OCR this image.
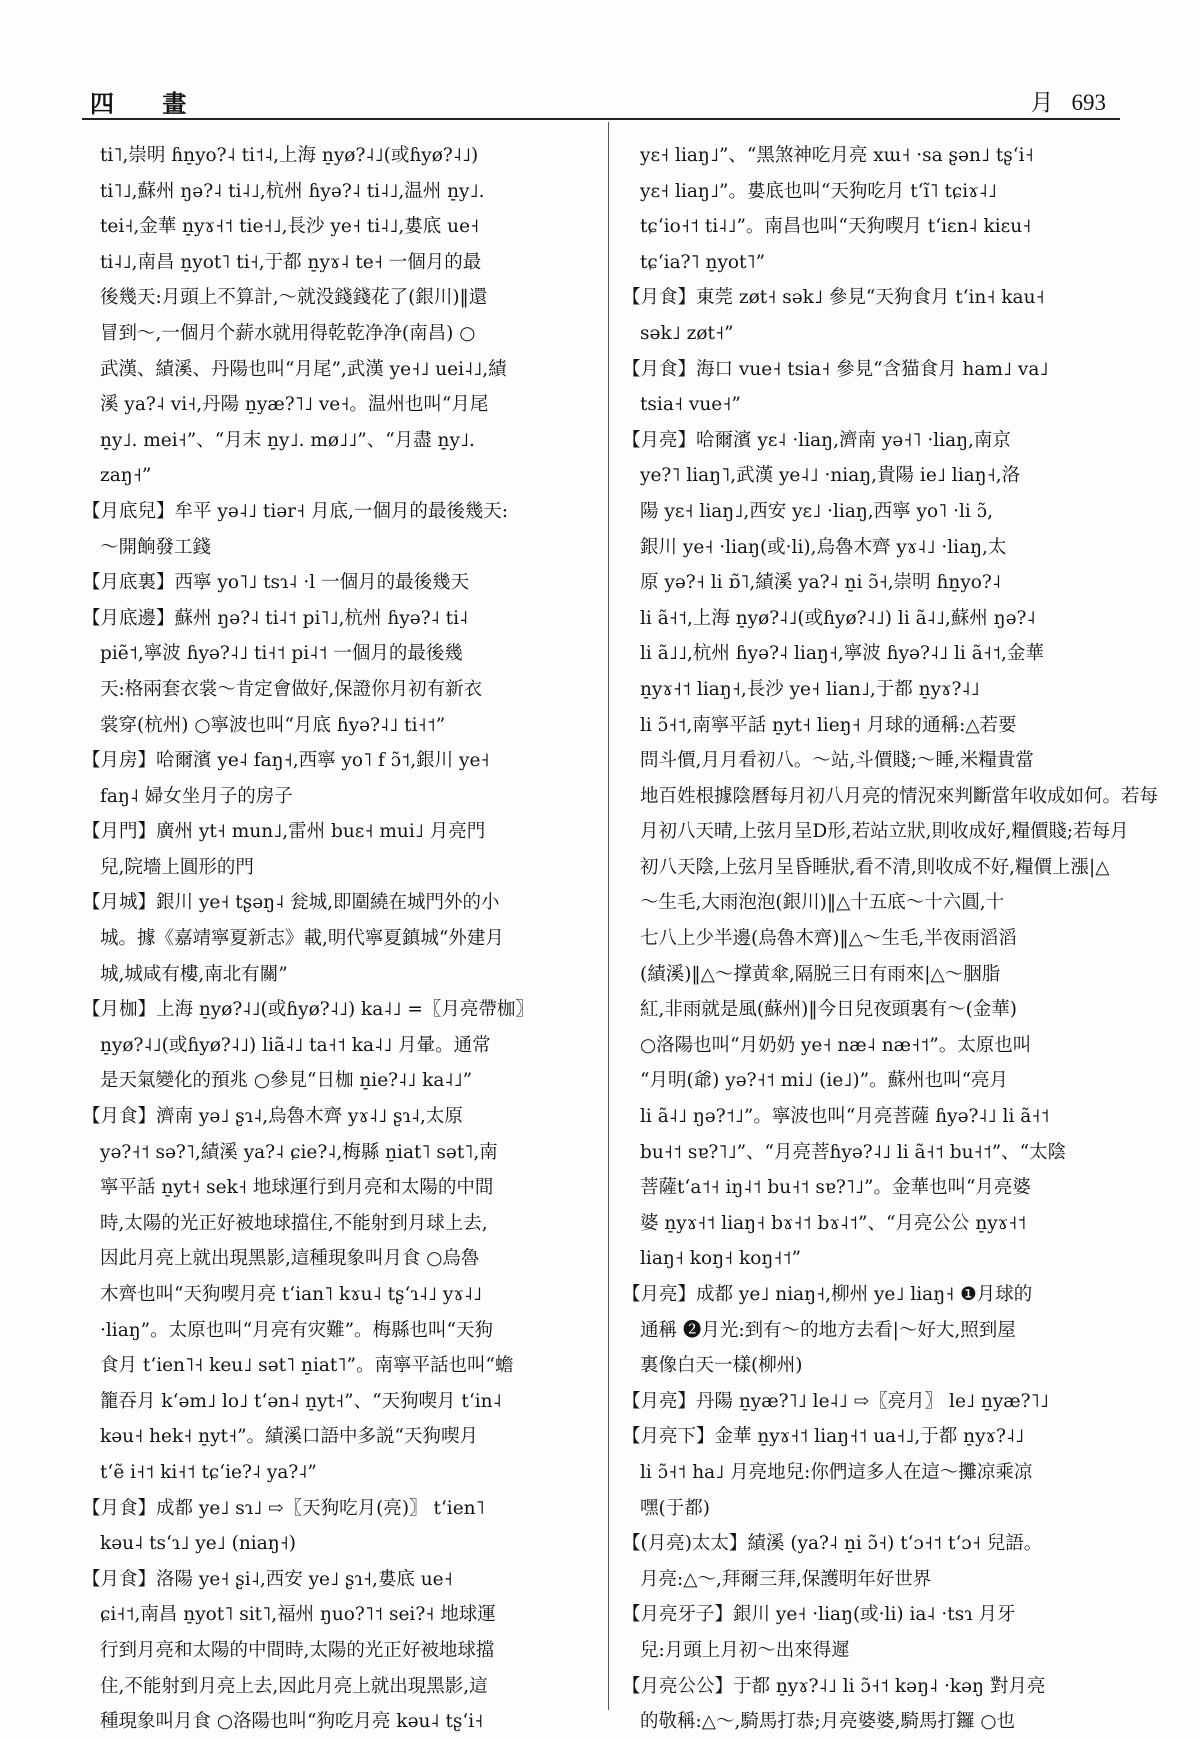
四 畫	月 693
ti˥,崇明 ɦn̠yo?˨ ti˦˨,上海 n̠yø?˨˩(或ɦyø?˨˩)
ti˥˩,蘇州 ŋə?˨ ti˨˩,杭州 ɦyə?˨ ti˨˩,温州 n̠y˩.
tei˧,金華 n̠yɤ˧˦ tie˧˩,長沙 ye˧ ti˨˩,婁底 ue˧
ti˨˩,南昌 n̠yot˥ ti˧,于都 n̠yɤ˨ te˧ 一個月的最
後幾天:月頭上不算計,～就没錢錢花了(銀川)‖還
冒到～,一個月个薪水就用得乾乾净净(南昌) ○
武漢、績溪、丹陽也叫“月尾”,武漢 ye˧˩ uei˨˩,績
溪 ya?˨ vi˧,丹陽 n̠yæ?˥˩ ve˧。温州也叫“月尾
n̠y˩. mei˧”、“月末 n̠y˩. mø˩˩”、“月盡 n̠y˩.
zaŋ˧”
【月底兒】牟平 yə˨˩ tiər˧ 月底,一個月的最後幾天:
～開餉發工錢
【月底裏】西寧 yo˥˩ tsɿ˨ ·l 一個月的最後幾天
【月底邊】蘇州 ŋə?˨ ti˨˦ pi˥˩,杭州 ɦyə?˨ ti˨
piẽ˦,寧波 ɦyə?˨˩ ti˧˦ pi˨˦ 一個月的最後幾
天:格兩套衣裳～肯定會做好,保證你月初有新衣
裳穿(杭州) ○寧波也叫“月底 ɦyə?˨˩ ti˧˦”
【月房】哈爾濱 ye˨ faŋ˧,西寧 yo˥ f ɔ̃˦,銀川 ye˧
faŋ˨ 婦女坐月子的房子
【月門】廣州 yt˧ mun˩,雷州 buɛ˧ mui˩ 月亮門
兒,院墻上圓形的門
【月城】銀川 ye˧ tʂəŋ˨ 瓮城,即圍繞在城門外的小
城。據《嘉靖寧夏新志》載,明代寧夏鎮城“外建月
城,城咸有樓,南北有關”
【月枷】上海 n̠yø?˨˩(或ɦyø?˨˩) ka˨˩ =〖月亮帶枷〗
n̠yø?˨˩(或ɦyø?˨˩) liã˨˩ ta˧˦ ka˨˩ 月暈。通常
是天氣變化的預兆 ○參見“日枷 n̠ie?˨˩ ka˨˩”
【月食】濟南 yə˩ ʂɿ˨,烏魯木齊 yɤ˨˩ ʂɿ˨,太原
yə?˧˦ sə?˥,績溪 ya?˨ ɕie?˨,梅縣 n̠iat˥ sət˥,南
寧平話 n̠yt˧ sek˧ 地球運行到月亮和太陽的中間
時,太陽的光正好被地球擋住,不能射到月球上去,
因此月亮上就出現黑影,這種現象叫月食 ○烏魯
木齊也叫“天狗喫月亮 tʻian˥ kɤu˨ tʂʻɿ˨˩ yɤ˨˩
·liaŋ”。太原也叫“月亮有灾難”。梅縣也叫“天狗
食月 tʻien˥˧ keu˩ sət˥ n̠iat˥”。南寧平話也叫“蟾
籠吞月 kʻəm˩ lo˩ tʻən˨ n̠yt˧”、“天狗喫月 tʻin˨
kəu˧ hek˧ n̠yt˧”。績溪口語中多説“天狗喫月
tʻẽ i˧˦ ki˧˦ tɕʻie?˨ ya?˨”
【月食】成都 ye˩ sɿ˩ ⇨〖天狗吃月(亮)〗 tʻien˥
kəu˨ tsʻɿ˩ ye˩ (niaŋ˧)
【月食】洛陽 ye˧ ʂi˨,西安 ye˩ ʂɿ˧,婁底 ue˧
ɕi˧˦,南昌 n̠yot˥ sit˥,福州 ŋuo?˥˦ sei?˧ 地球運
行到月亮和太陽的中間時,太陽的光正好被地球擋
住,不能射到月亮上去,因此月亮上就出現黑影,這
種現象叫月食 ○洛陽也叫“狗吃月亮 kəu˨ tʂʻi˧
yɛ˧ liaŋ˩”、“黑煞神吃月亮 xɯ˧ ·sa ʂən˩ tʂʻi˧
yɛ˧ liaŋ˩”。婁底也叫“天狗吃月 tʻĩ˥ tɕiɤ˨˩
tɕʻio˧˦ ti˨˩”。南昌也叫“天狗喫月 tʻiɛn˨ kiɛu˧
tɕʻia?˥ n̠yot˥”
【月食】東莞 zøt˧ sək˩ 參見“天狗食月 tʻin˧ kau˧
sək˩ zøt˧”
【月食】海口 vue˧ tsia˧ 參見“含猫食月 ham˩ va˩
tsia˧ vue˧”
【月亮】哈爾濱 yɛ˨ ·liaŋ,濟南 yə˧˥ ·liaŋ,南京
ye?˥ liaŋ˥,武漢 ye˨˩ ·niaŋ,貴陽 ie˩ liaŋ˧,洛
陽 yɛ˧ liaŋ˩,西安 yɛ˩ ·liaŋ,西寧 yo˥ ·li ɔ̃,
銀川 ye˧ ·liaŋ(或·li),烏魯木齊 yɤ˨˩ ·liaŋ,太
原 yə?˧ li ɒ̃˥,績溪 ya?˨ n̠i ɔ̃˧,崇明 ɦn̠yo?˨
li ã˧˦,上海 n̠yø?˨˩(或ɦyø?˨˩) li ã˨˩,蘇州 ŋə?˨
li ã˩˩,杭州 ɦyə?˨ liaŋ˧,寧波 ɦyə?˨˩ li ã˧˦,金華
n̠yɤ˧˦ liaŋ˧,長沙 ye˧ lian˩,于都 n̠yɤ?˨˩
li ɔ̃˧˦,南寧平話 n̠yt˧ lieŋ˧ 月球的通稱:△若要
問斗價,月月看初八。～站,斗價賤;～睡,米糧貴當
地百姓根據陰曆每月初八月亮的情況來判斷當年收成如何。若每
月初八天晴,上弦月呈D形,若站立狀,則收成好,糧價賤;若每月
初八天陰,上弦月呈昏睡狀,看不清,則收成不好,糧價上漲|△
～生毛,大雨泡泡(銀川)‖△十五底～十六圓,十
七八上少半邊(烏魯木齊)‖△～生毛,半夜雨滔滔
(績溪)‖△～撑黄傘,隔脱三日有雨來|△～胭脂
紅,非雨就是風(蘇州)‖今日兒夜頭裏有～(金華)
○洛陽也叫“月奶奶 ye˧ næ˨ næ˧˦”。太原也叫
“月明(爺) yə?˧˦ mi˩ (ie˩)”。蘇州也叫“亮月
li ã˨˩ ŋə?˦˩”。寧波也叫“月亮菩薩 ɦyə?˨˩ li ã˧˦
bu˧˦ sɐ?˥˩”、“月亮菩ɦyə?˨˩ li ã˧˦ bu˧˦”、“太陰
菩薩tʻa˦˧ iŋ˨˦ bu˧˦ sɐ?˥˩”。金華也叫“月亮婆
婆 n̠yɤ˧˦ liaŋ˧ bɤ˧˦ bɤ˨˦”、“月亮公公 n̠yɤ˧˦
liaŋ˧ koŋ˧ koŋ˧˦”
【月亮】成都 ye˩ niaŋ˧,柳州 ye˩ liaŋ˧ ❶月球的
通稱 ❷月光:到有～的地方去看|～好大,照到屋
裏像白天一樣(柳州)
【月亮】丹陽 n̠yæ?˥˩ le˨˩ ⇨〖亮月〗 le˩ n̠yæ?˥˩
【月亮下】金華 n̠yɤ˧˦ liaŋ˧˦ ua˧˩,于都 n̠yɤ?˨˩
li ɔ̃˧˦ ha˩ 月亮地兒:你們這多人在這～攤凉乘凉
嘿(于都)
【(月亮)太太】績溪 (ya?˨ n̠i ɔ̃˧) tʻɔ˧˦ tʻɔ˧ 兒語。
月亮:△～,拜爾三拜,保護明年好世界
【月亮牙子】銀川 ye˧ ·liaŋ(或·li) ia˨ ·tsɿ 月牙
兒:月頭上月初～出來得遲
【月亮公公】于都 n̠yɤ?˨˩ li ɔ̃˧˦ kəŋ˨ ·kəŋ 對月亮
的敬稱:△～,騎馬打恭;月亮婆婆,騎馬打鑼 ○也
